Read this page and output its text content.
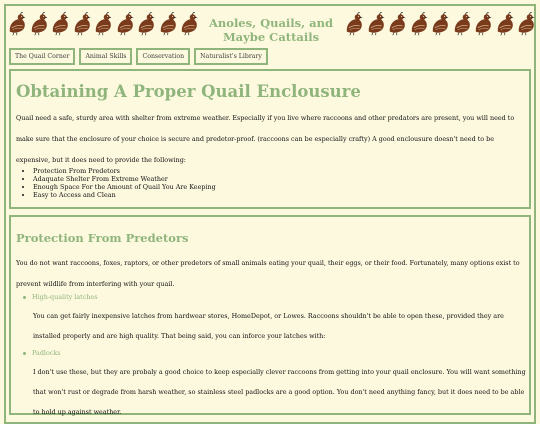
Anoles, Quails, and Maybe Cattails
The Quail Corner	Animal Skills	Conservation	Naturalist's Library
Obtaining A Proper Quail Enclousure

Quail need a safe, sturdy area with shelter from extreme weather. Especially if you live where raccoons and other predators are present, you will need to make sure that the enclosure of your choice is secure and predetor-proof. (raccoons can be especially crafty) A good enclousure doesn't need to be expensive, but it does need to provide the following:

• Protection From Predetors
• Adaquate Shelter From Extreme Weather
• Enough Space For the Amount of Quail You Are Keeping
• Easy to Access and Clean
Protection From Predetors

You do not want raccoons, foxes, raptors, or other predetors of small animals eating your quail, their eggs, or their food. Fortunately, many options exist to prevent wildlife from interfering with your quail.

High-quality latches

You can get fairly inexpensive latches from hardwear stores, HomeDepot, or Lowes. Raccoons shouldn't be able to open these, provided they are installed properly and are high quality. That being said, you can inforce your latches with:

Padlocks

I don't use these, but they are probaly a good choice to keep especially clever raccoons from getting into your quail enclosure. You will want something that won't rust or degrade from harsh weather, so stainless steel padlocks are a good option. You don't need anything fancy, but it does need to be able to hold up against weather.
